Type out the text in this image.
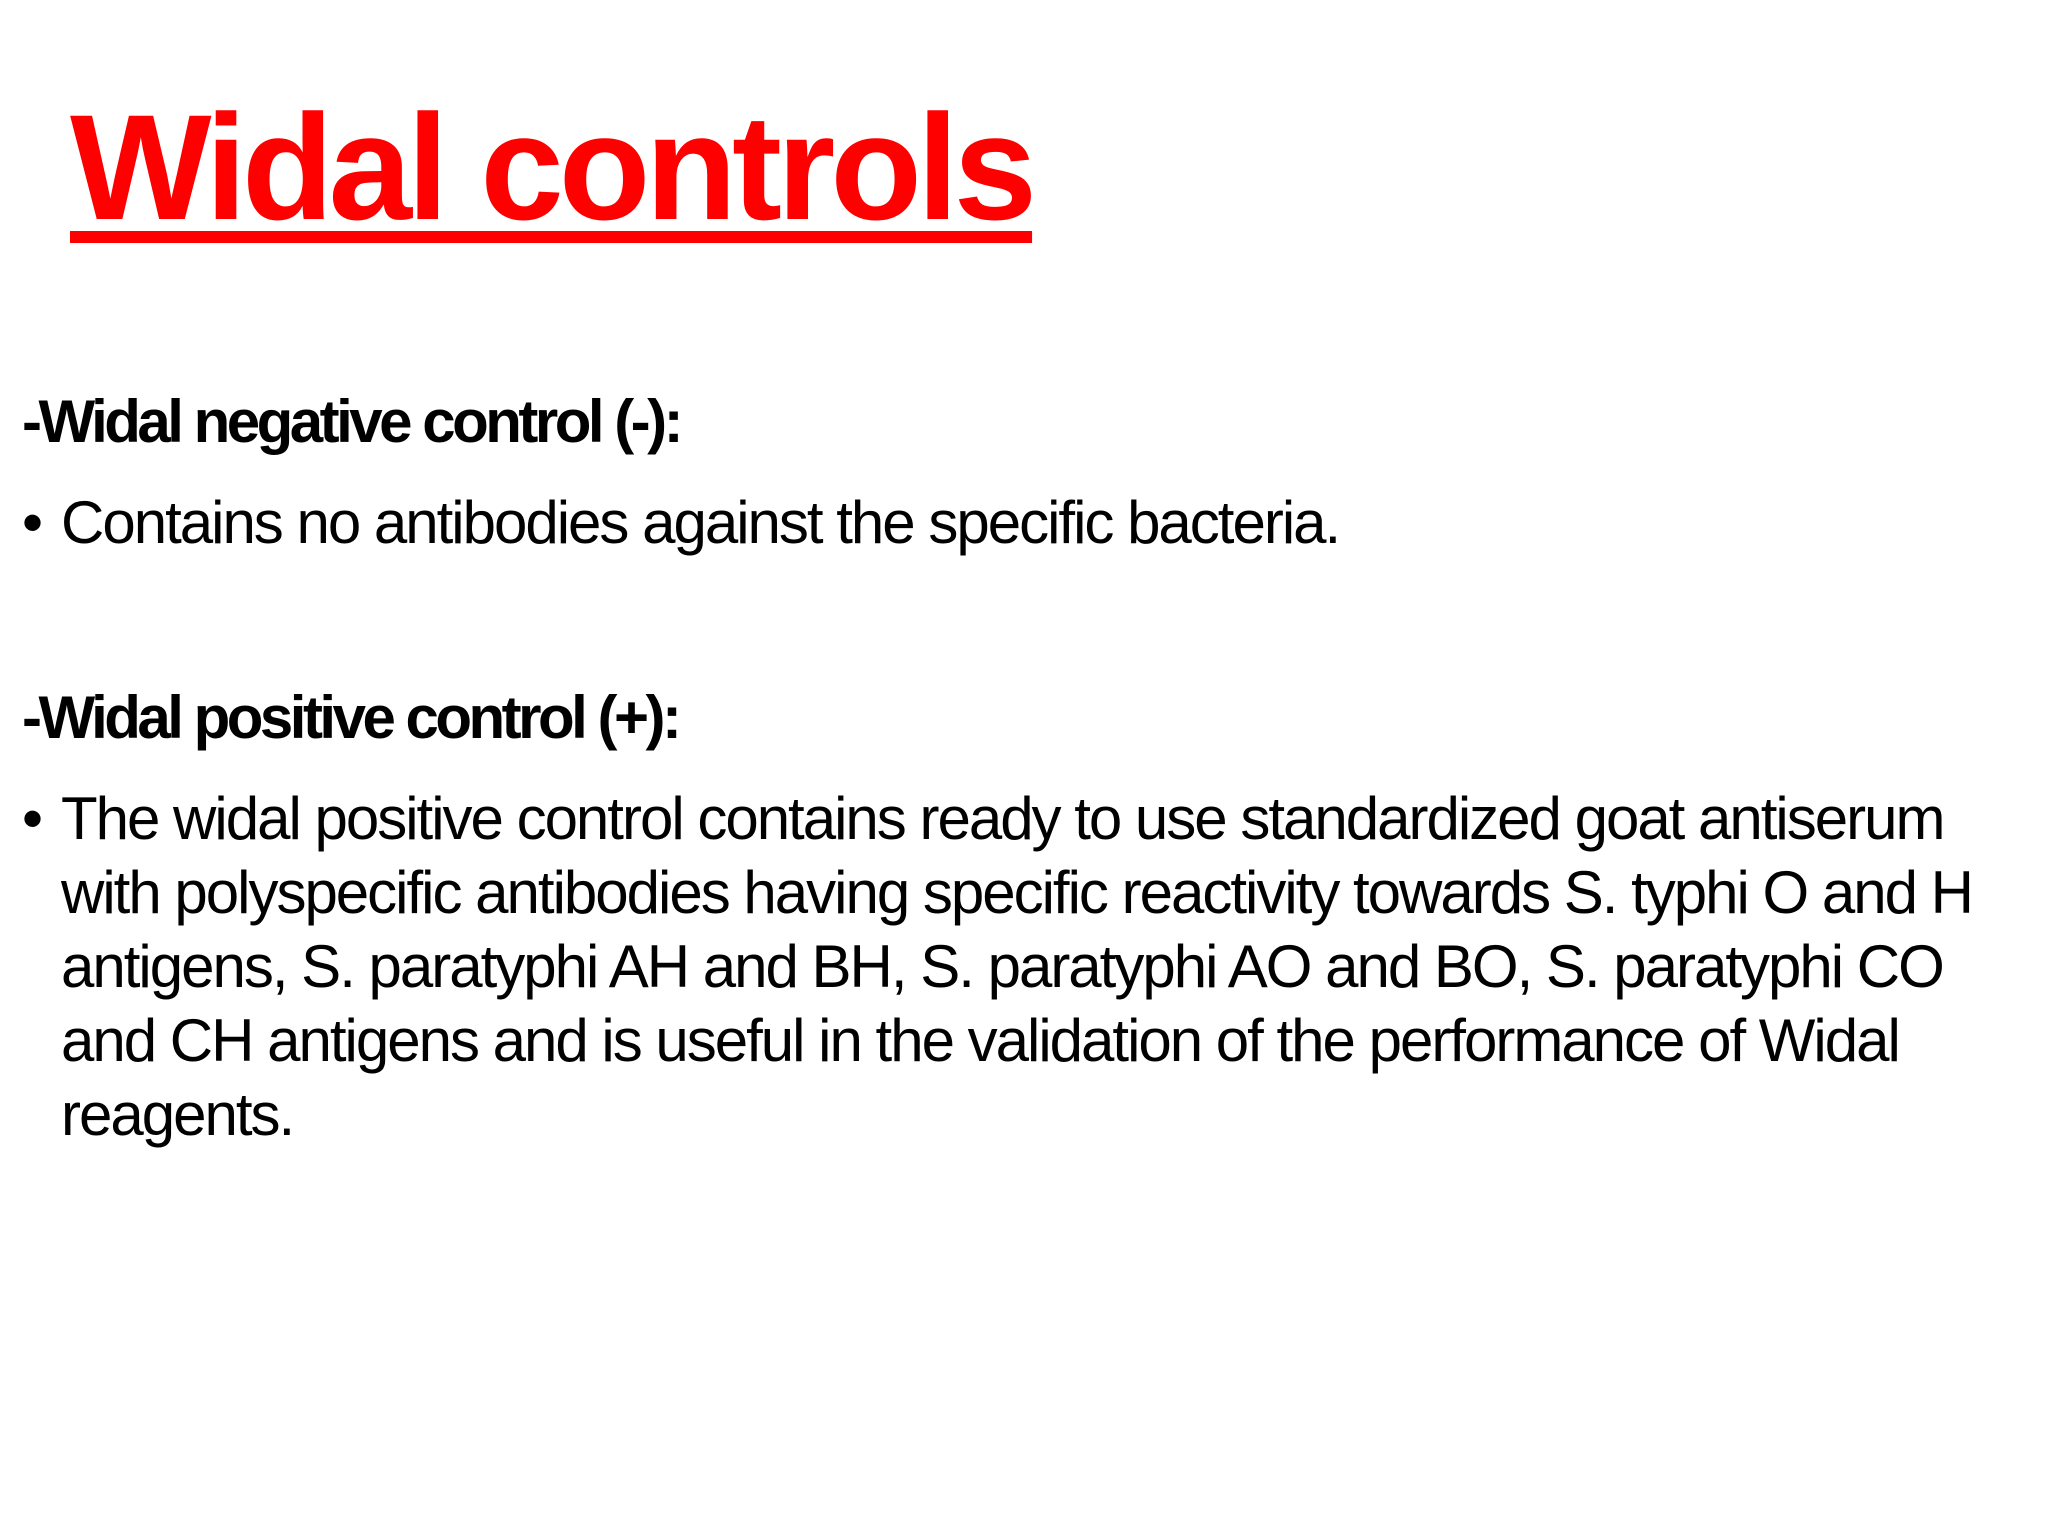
Widal controls
-Widal negative control (-):
• Contains no antibodies against the specific bacteria.
-Widal positive control (+):
• The widal positive control contains ready to use standardized goat antiserum with polyspecific antibodies having specific reactivity towards S. typhi O and H antigens, S. paratyphi AH and BH, S. paratyphi AO and BO, S. paratyphi CO and CH antigens and is useful in the validation of the performance of Widal reagents.
